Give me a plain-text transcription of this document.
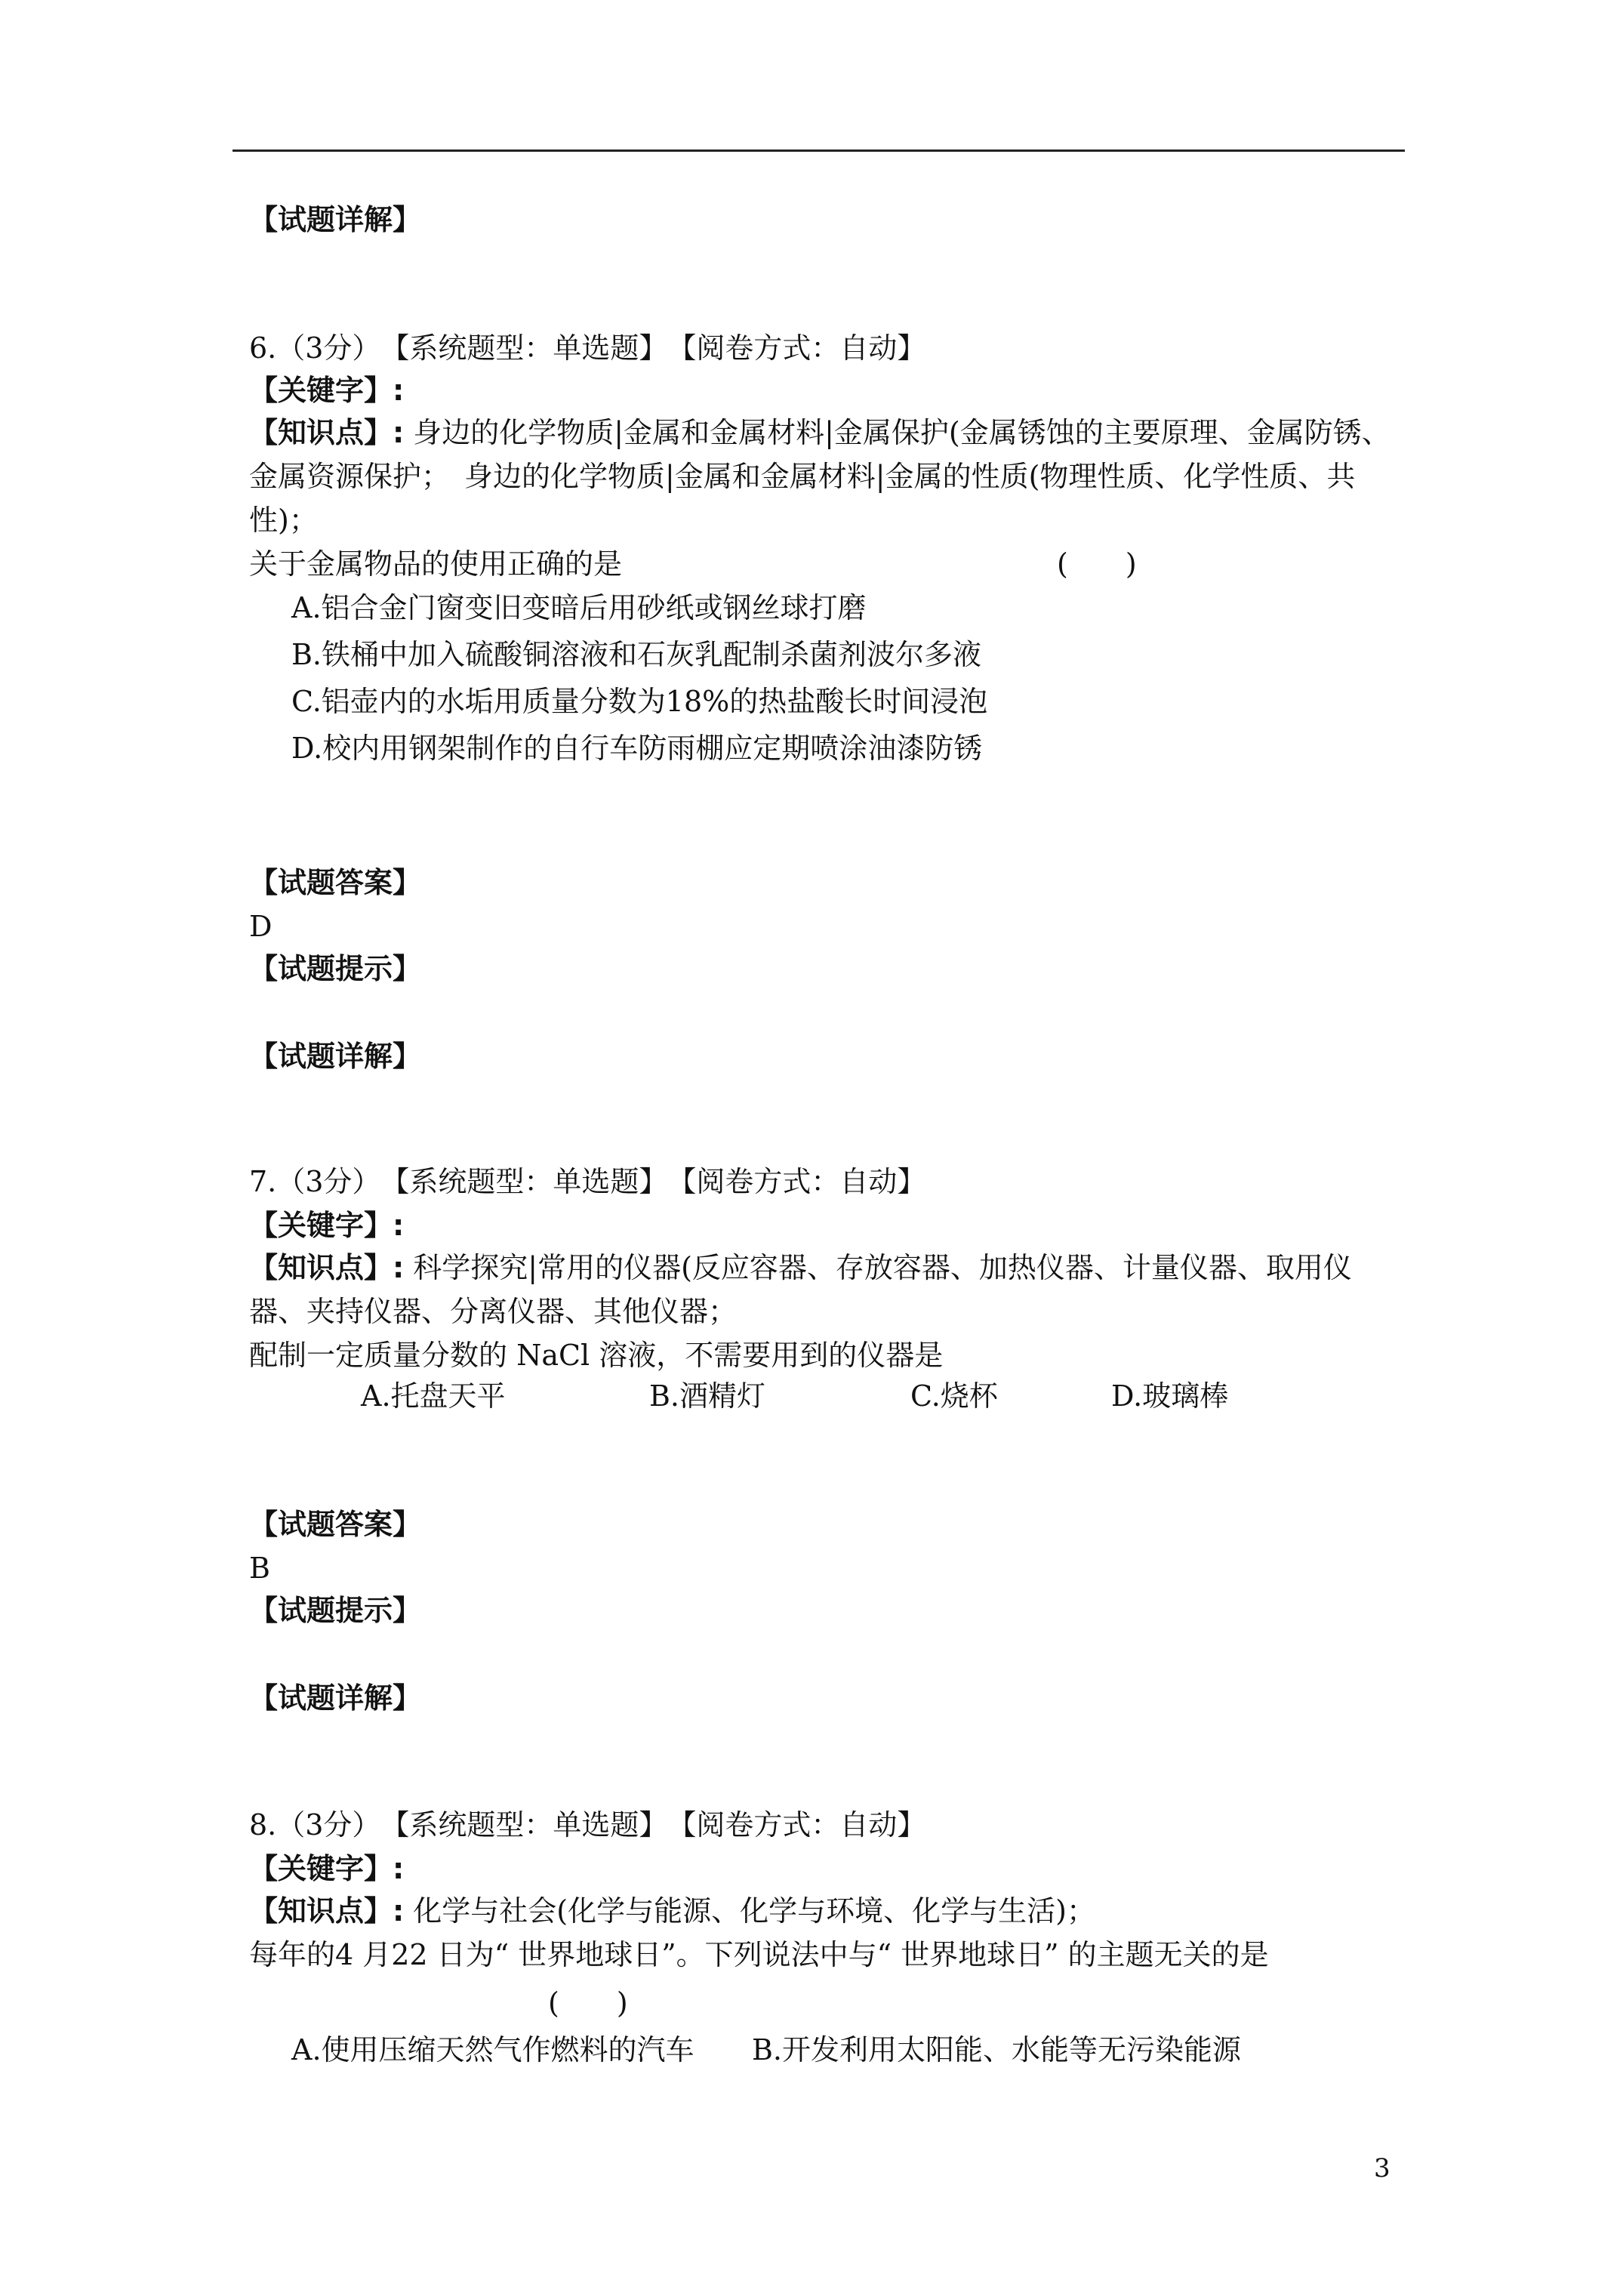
【试题详解】
6.（3分）　【系统题型：单选题】　【阅卷方式：自动】
【关键字】:
【知识点】: 身边的化学物质|金属和金属材料|金属保护(金属锈蚀的主要原理、金属防锈、
金属资源保护；　身边的化学物质|金属和金属材料|金属的性质(物理性质、化学性质、共
性)；
关于金属物品的使用正确的是	(　　)
A.铝合金门窗变旧变暗后用砂纸或钢丝球打磨
B.铁桶中加入硫酸铜溶液和石灰乳配制杀菌剂波尔多液
C.铝壶内的水垢用质量分数为18%的热盐酸长时间浸泡
D.校内用钢架制作的自行车防雨棚应定期喷涂油漆防锈
【试题答案】
D
【试题提示】
【试题详解】
7.（3分）　【系统题型：单选题】　【阅卷方式：自动】
【关键字】:
【知识点】: 科学探究|常用的仪器(反应容器、存放容器、加热仪器、计量仪器、取用仪
器、夹持仪器、分离仪器、其他仪器；
配制一定质量分数的 NaCl 溶液，不需要用到的仪器是
A.托盘天平	B.酒精灯	C.烧杯	D.玻璃棒
【试题答案】
B
【试题提示】
【试题详解】
8.（3分）　【系统题型：单选题】　【阅卷方式：自动】
【关键字】:
【知识点】: 化学与社会(化学与能源、化学与环境、化学与生活)；
每年的4 月22 日为“ 世界地球日”。下列说法中与“ 世界地球日” 的主题无关的是
(　　)
A.使用压缩天然气作燃料的汽车 B.开发利用太阳能、水能等无污染能源
3
